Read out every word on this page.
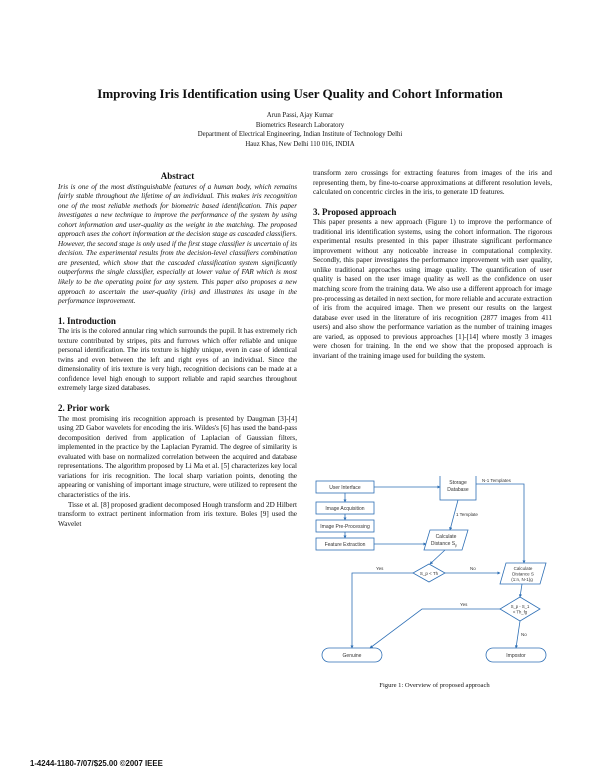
Improving Iris Identification using User Quality and Cohort Information
Arun Passi, Ajay Kumar
Biometrics Research Laboratory
Department of Electrical Engineering, Indian Institute of Technology Delhi
Hauz Khas, New Delhi 110 016, INDIA
Abstract

Iris is one of the most distinguishable features of a human body, which remains fairly stable throughout the lifetime of an individual. This makes iris recognition one of the most reliable methods for biometric based identification. This paper investigates a new technique to improve the performance of the system by using cohort information and user-quality as the weight in the matching. The proposed approach uses the cohort information at the decision stage as cascaded classifiers. However, the second stage is only used if the first stage classifier is uncertain of its decision. The experimental results from the decision-level classifiers combination are presented, which show that the cascaded classification system significantly outperforms the single classifier, especially at lower value of FAR which is most likely to be the operating point for any system. This paper also proposes a new approach to ascertain the user-quality (iris) and illustrates its usage in the performance improvement.

1. Introduction

The iris is the colored annular ring which surrounds the pupil. It has extremely rich texture contributed by stripes, pits and furrows which offer reliable and unique personal identification. The iris texture is highly unique, even in case of identical twins and even between the left and right eyes of an individual. Since the dimensionality of iris texture is very high, recognition decisions can be made at a confidence level high enough to support reliable and rapid searches throughout extremely large sized databases.

2. Prior work

The most promising iris recognition approach is presented by Daugman [3]-[4] using 2D Gabor wavelets for encoding the iris. Wildes's [6] has used the band-pass decomposition derived from application of Laplacian of Gaussian filters, implemented in the practice by the Laplacian Pyramid. The degree of similarity is evaluated with base on normalized correlation between the acquired and database representations. The algorithm proposed by Li Ma et al. [5] characterizes key local variations for iris recognition. The local sharp variation points, denoting the appearing or vanishing of important image structure, were utilized to represent the characteristics of the iris.

Tisse et al. [8] proposed gradient decomposed Hough transform and 2D Hilbert transform to extract pertinent information from iris texture. Boles [9] used the Wavelet

transform zero crossings for extracting features from images of the iris and representing them, by fine-to-coarse approximations at different resolution levels, calculated on concentric circles in the iris, to generate 1D features.

3. Proposed approach

This paper presents a new approach (Figure 1) to improve the performance of traditional iris identification systems, using the cohort information. The rigorous experimental results presented in this paper illustrate significant performance improvement without any noticeable increase in computational complexity. Secondly, this paper investigates the performance improvement with user quality, unlike traditional approaches using image quality. The quantification of user quality is based on the user image quality as well as the confidence on user matching score from the training data. We also use a different approach for image pre-processing as detailed in next section, for more reliable and accurate extraction of iris from the acquired image. Then we present our results on the largest database ever used in the literature of iris recognition (2877 images from 411 users) and also show the performance variation as the number of training images are varied, as opposed to previous approaches [1]-[14] where mostly 3 images were chosen for training. In the end we show that the proposed approach is invariant of the training image used for building the system.

User Interface
Image Acquisition
Image Pre-Processing
Feature Extraction
Storage
Database
Calculate
Distance $S_p$
S_p < Th
Calculate
Distance S
(1:n, N-1)g
S_p - S_1
< Th_fg
Genuine	Impostor
N-1 Templates
1 Template
Yes	No
Yes
No
Figure 1: Overview of proposed approach
1-4244-1180-7/07/$25.00 ©2007 IEEE
